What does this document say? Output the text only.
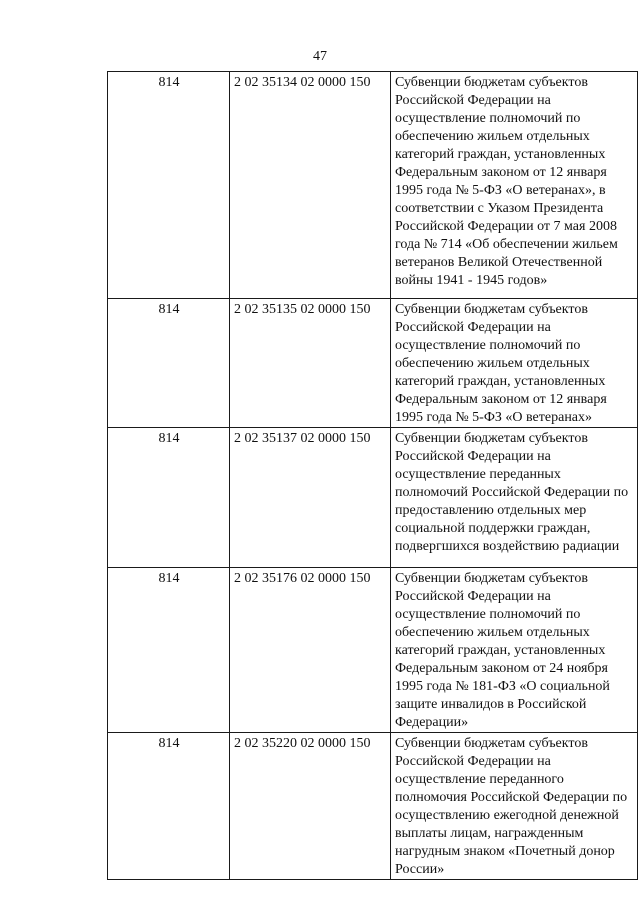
47
814	2 02 35134 02 0000 150	Субвенции бюджетам субъектов Российской Федерации на осуществление полномочий по обеспечению жильем отдельных категорий граждан, установленных Федеральным законом от 12 января 1995 года № 5-ФЗ «О ветеранах», в соответствии с Указом Президента Российской Федерации от 7 мая 2008 года № 714 «Об обеспечении жильем ветеранов Великой Отечественной войны 1941 - 1945 годов»
814	2 02 35135 02 0000 150	Субвенции бюджетам субъектов Российской Федерации на осуществление полномочий по обеспечению жильем отдельных категорий граждан, установленных Федеральным законом от 12 января 1995 года № 5-ФЗ «О ветеранах»
814	2 02 35137 02 0000 150	Субвенции бюджетам субъектов Российской Федерации на осуществление переданных полномочий Российской Федерации по предоставлению отдельных мер социальной поддержки граждан, подвергшихся воздействию радиации
814	2 02 35176 02 0000 150	Субвенции бюджетам субъектов Российской Федерации на осуществление полномочий по обеспечению жильем отдельных категорий граждан, установленных Федеральным законом от 24 ноября 1995 года № 181-ФЗ «О социальной защите инвалидов в Российской Федерации»
814	2 02 35220 02 0000 150	Субвенции бюджетам субъектов Российской Федерации на осуществление переданного полномочия Российской Федерации по осуществлению ежегодной денежной выплаты лицам, награжденным нагрудным знаком «Почетный донор России»
